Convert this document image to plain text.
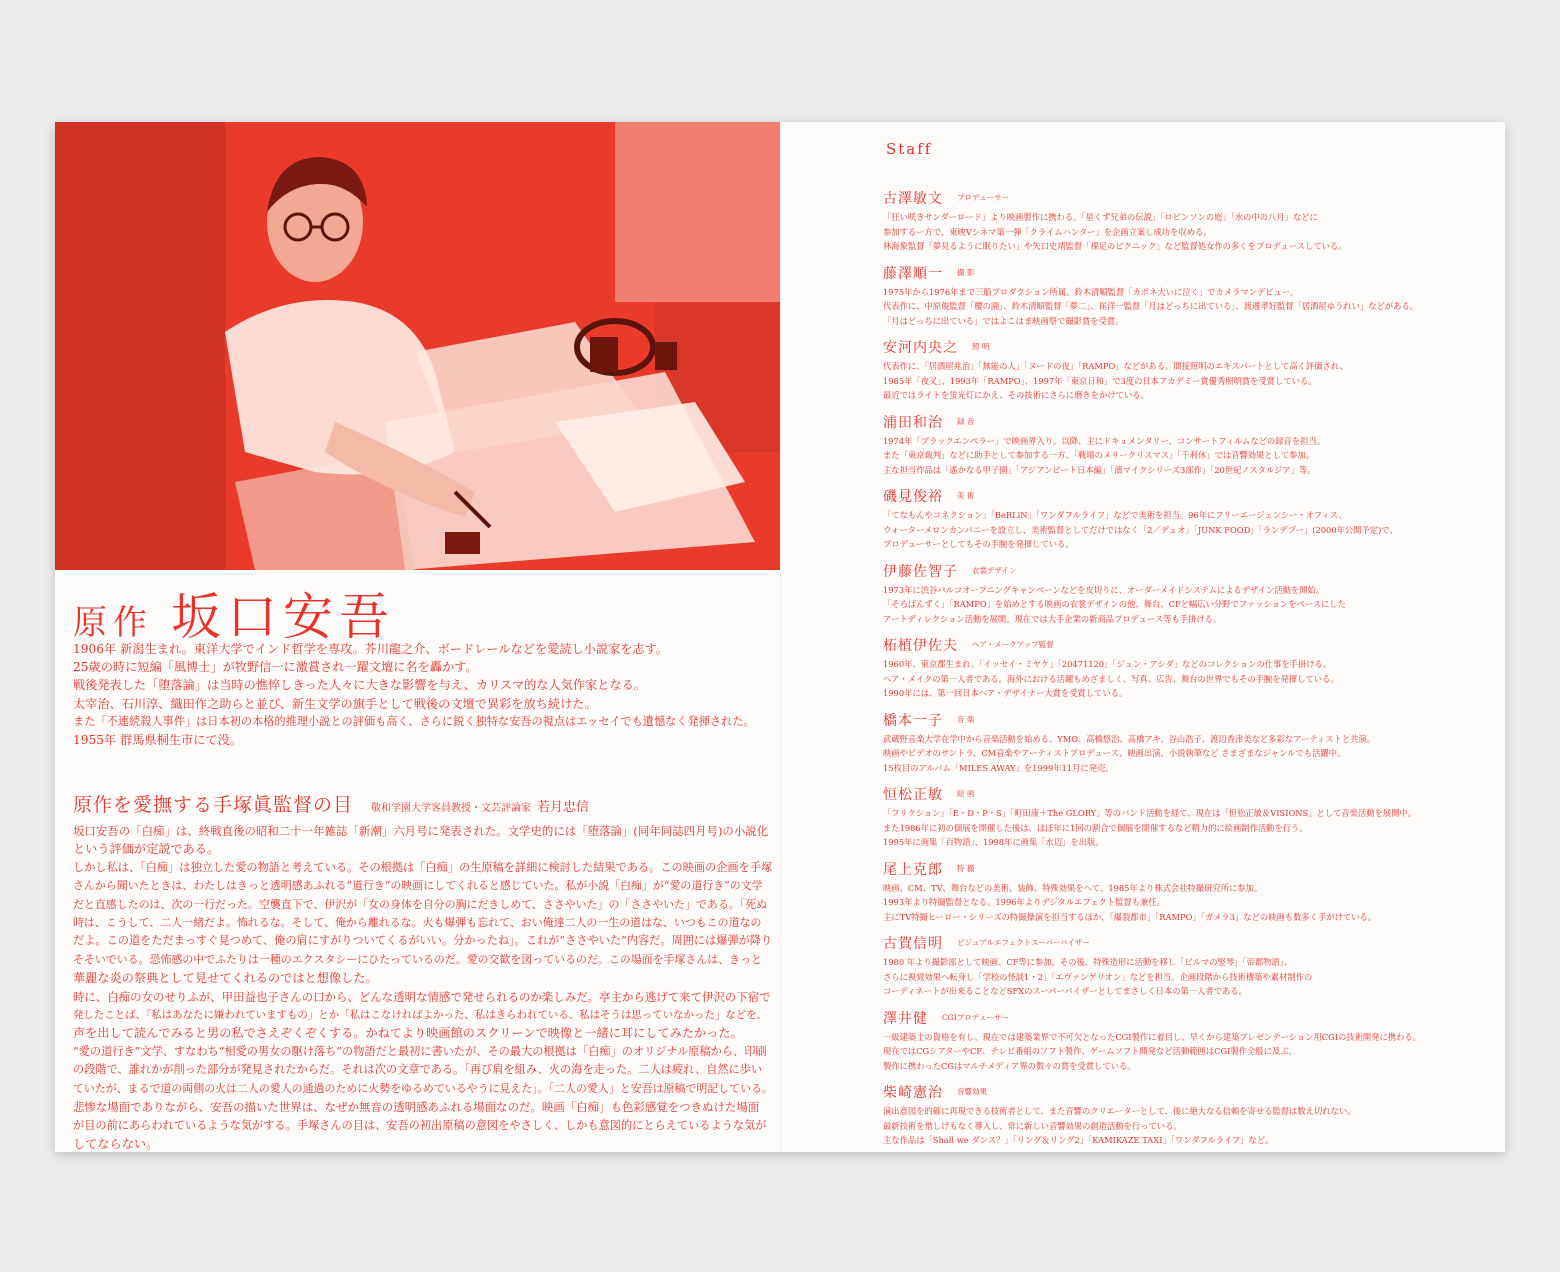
原作 坂口安吾
1906年 新潟生まれ。東洋大学でインド哲学を専攻。芥川龍之介、ボードレールなどを愛読し小説家を志す。
25歳の時に短編「風博士」が牧野信一に激賞され一躍文壇に名を轟かす。
戦後発表した「堕落論」は当時の憔悴しきった人々に大きな影響を与え、カリスマ的な人気作家となる。
太宰治、石川淳、織田作之助らと並び、新生文学の旗手として戦後の文壇で異彩を放ち続けた。
また「不連続殺人事件」は日本初の本格的推理小説との評価も高く、さらに鋭く独特な安吾の視点はエッセイでも遺憾なく発揮された。
1955年 群馬県桐生市にて没。
原作を愛撫する手塚眞監督の目 敬和学園大学客員教授・文芸評論家 若月忠信
坂口安吾の「白痴」は、終戦直後の昭和二十一年雑誌「新潮」六月号に発表された。文学史的には「堕落論」(同年同誌四月号)の小説化
という評価が定説である。
しかし私は、「白痴」は独立した愛の物語と考えている。その根拠は「白痴」の生原稿を詳細に検討した結果である。この映画の企画を手塚
さんから聞いたときは、わたしはきっと透明感あふれる“道行き”の映画にしてくれると感じていた。私が小説「白痴」が“愛の道行き”の文学
だと直感したのは、次の一行だった。空襲直下で、伊沢が「女の身体を自分の胸にだきしめて、ささやいた」の「ささやいた」である。「死ぬ
時は、こうして、二人一緒だよ。怖れるな。そして、俺から離れるな。火も爆弾も忘れて、おい俺達二人の一生の道はな、いつもこの道なの
だよ。この道をただまっすぐ見つめて、俺の肩にすがりついてくるがいい。分かったね」。これが“ささやいた”内容だ。周囲には爆弾が降り
そそいでいる。恐怖感の中でふたりは一種のエクスタシーにひたっているのだ。愛の交歓を図っているのだ。この場面を手塚さんは、きっと
華麗な炎の祭典として見せてくれるのではと想像した。
時に、白痴の女のせりふが、甲田益也子さんの口から、どんな透明な情感で発せられるのか楽しみだ。亭主から逃げて来て伊沢の下宿で
発したことば、「私はあなたに嫌われていますもの」とか「私はこなければよかった、私はきらわれている、私はそうは思っていなかった」などを、
声を出して読んでみると男の私でさえぞくぞくする。かねてより映画館のスクリーンで映像と一緒に耳にしてみたかった。
“愛の道行き”文学、すなわち“相愛の男女の駆け落ち”の物語だと最初に書いたが、その最大の根拠は「白痴」のオリジナル原稿から、印刷
の段階で、誰れかが削った部分が発見されたからだ。それは次の文章である。「再び肩を組み、火の海を走った。二人は疲れ、自然に歩い
ていたが、まるで道の両側の火は二人の愛人の通過のために火勢をゆるめているやうに見えた」。「二人の愛人」と安吾は原稿で明記している。
悲惨な場面でありながら、安吾の描いた世界は、なぜか無音の透明感あふれる場面なのだ。映画「白痴」も色彩感覚をつきぬけた場面
が目の前にあらわれているような気がする。手塚さんの目は、安吾の初出原稿の意図をやさしく、しかも意図的にとらえているような気が
してならない。
Staff
古澤敏文 プロデューサー
「狂い咲きサンダーロード」より映画製作に携わる。「星くず兄弟の伝説」「ロビンソンの庭」「水の中の八月」などに
参加するー方で、東映Vシネマ第一弾「クライムハンター」を企画立案し成功を収める。
林海象監督「夢見るように眠りたい」や矢口史靖監督「裸足のピクニック」など監督処女作の多くをプロデュースしている。
藤澤順一 撮 影
1975年から1976年まで三船プロダクション所属。鈴木清順監督「カポネ大いに泣く」でカメラマンデビュー。
代表作に、中原俊監督「櫻の園」、鈴木清順監督「夢二」、崔洋一監督「月はどっちに出ている」、渡邊孝好監督「居酒屋ゆうれい」などがある。
「月はどっちに出ている」ではよこはま映画祭で撮影賞を受賞。
安河内央之 照 明
代表作に、「居酒屋兆治」「無能の人」「ヌードの夜」「RAMPO」などがある。間接照明のエキスパートとして高く評価され、
1985年「夜叉」、1993年「RAMPO」、1997年「東京日和」で3度の日本アカデミー賞優秀照明賞を受賞している。
最近ではライトを蛍光灯にかえ、その技術にさらに磨きをかけている。
浦田和治 録 音
1974年「ブラックエンペラー」で映画界入り。以降、主にドキュメンタリー、コンサートフィルムなどの録音を担当。
また「東京裁判」などに助手として参加する一方、「戦場のメリークリスマス」「千利休」では音響効果として参加。
主な担当作品は「遙かなる甲子園」「アジアンビート日本編」「濱マイクシリーズ3部作」「20世紀ノスタルジア」等。
磯見俊裕 美 術
「てなもんやコネクション」「BeRLiN」「ワンダフルライフ」などで美術を担当。96年にフリーエージェンシー・オフィス、
ウォーターメロンカンパニーを設立し、美術監督としてだけではなく「2／デュオ」「JUNK FOOD」「ランデブー」(2000年公開予定)で、
プロデューサーとしてもその手腕を発揮している。
伊藤佐智子 衣裳デザイン
1973年に渋谷パルコオープニングキャンペーンなどを皮切りに、オーダーメイドシステムによるデザイン活動を開始。
「そろばんずく」「RAMPO」を始めとする映画の衣裳デザインの他、舞台、CFと幅広い分野でファッションをベースにした
アートディレクション活動を展開。現在では大手企業の新商品プロデュース等も手掛ける。
柘植伊佐夫 ヘア・メークアップ監督
1960年、東京都生まれ。「イッセイ・ミヤケ」「20471120」「ジュン・アシダ」などのコレクションの仕事を手掛ける、
ヘア・メイクの第一人者である。海外における活躍もめざましく、写真、広告、舞台の世界でもその手腕を発揮している。
1990年には、第一回日本ヘア・デザイナー大賞を受賞している。
橋本一子 音 楽
武蔵野音楽大学在学中から音楽活動を始める。YMO、高橋悠治、高橋アキ、谷山浩子、渡辺香津美など多彩なアーティストと共演。
映画やビデオのサントラ、CM音楽やアーティストプロデュース、映画出演、小説執筆など さまざまなジャンルでも活躍中。
15枚目のアルバム「MILES AWAY」を1999年11月に発売。
恒松正敏 絵 画
「フリクション」「E・D・P・S」「町田康＋The GLORY」等のバンド活動を経て、現在は「恒松正敏＆VISIONS」として音楽活動を展開中。
また1986年に初の個展を開催した後は、ほぼ年に1回の割合で個展を開催するなど精力的に絵画制作活動を行う。
1995年に画集「百物語」、1998年に画集「水辺」を出版。
尾上克郎 特 撮
映画、CM、TV、舞台などの美術、装飾、特殊効果をへて、1985年より株式会社特撮研究所に参加。
1993年より特撮監督となる。1996年よりデジタルエフェクト監督も兼任。
主にTV特撮ヒーロー・シリーズの特撮操演を担当するほか、「爆裂都市」「RAMPO」「ガメラ3」などの映画も数多く手がけている。
古賀信明 ビジュアルエフェクトスーパーバイザー
1980 年より撮影部として映画、CF等に参加。その後、特殊造形に活動を移し「ビルマの竪琴」「帝都物語」、
さらに視覚効果へ転身し「学校の怪談1・2」「エヴァンゲリオン」などを担当。企画段階から技術構築や素材制作の
コーディネートが出来ることなどSFXのスーパーバイザーとしてまさしく日本の第一人者である。
澤井健 CGIプロデューサー
一級建築士の資格を有し、現在では建築業界で不可欠となったCGI製作に着目し、早くから建築プレゼンテーション用CGIの技術開発に携わる。
現在ではCGシアターやCF、テレビ番組のソフト製作、ゲームソフト開発など活動範囲はCGI製作全般に及ぶ。
製作に携わったCGはマルチメディア界の数々の賞を受賞している。
柴崎憲治 音響効果
演出意図を的確に再現できる技術者として、また音響のクリエーターとして、後に絶大なる信頼を寄せる監督は数え切れない。
最新技術を惜しげもなく導入し、常に新しい音響効果の創造活動を行っている。
主な作品は「Shall we ダンス？」「リング＆リング2」「KAMIKAZE TAXI」「ワンダフルライフ」など。
